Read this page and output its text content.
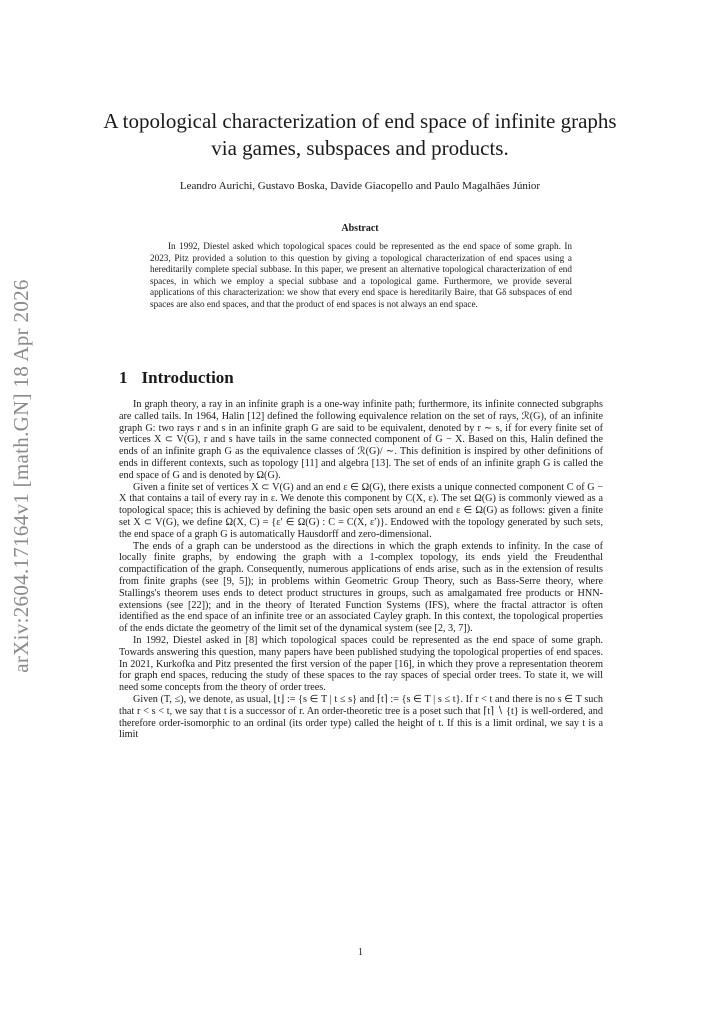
arXiv:2604.17164v1 [math.GN] 18 Apr 2026
A topological characterization of end space of infinite graphs via games, subspaces and products.
Leandro Aurichi, Gustavo Boska, Davide Giacopello and Paulo Magalhães Júnior
Abstract
In 1992, Diestel asked which topological spaces could be represented as the end space of some graph. In 2023, Pitz provided a solution to this question by giving a topological characterization of end spaces using a hereditarily complete special subbase. In this paper, we present an alternative topological characterization of end spaces, in which we employ a special subbase and a topological game. Furthermore, we provide several applications of this characterization: we show that every end space is hereditarily Baire, that Gδ subspaces of end spaces are also end spaces, and that the product of end spaces is not always an end space.
1 Introduction

In graph theory, a ray in an infinite graph is a one-way infinite path; furthermore, its infinite connected subgraphs are called tails. In 1964, Halin [12] defined the following equivalence relation on the set of rays, ℛ(G), of an infinite graph G: two rays r and s in an infinite graph G are said to be equivalent, denoted by r ∼ s, if for every finite set of vertices X ⊂ V(G), r and s have tails in the same connected component of G − X. Based on this, Halin defined the ends of an infinite graph G as the equivalence classes of ℛ(G)/ ∼. This definition is inspired by other definitions of ends in different contexts, such as topology [11] and algebra [13]. The set of ends of an infinite graph G is called the end space of G and is denoted by Ω(G).

Given a finite set of vertices X ⊂ V(G) and an end ε ∈ Ω(G), there exists a unique connected component C of G − X that contains a tail of every ray in ε. We denote this component by C(X, ε). The set Ω(G) is commonly viewed as a topological space; this is achieved by defining the basic open sets around an end ε ∈ Ω(G) as follows: given a finite set X ⊂ V(G), we define Ω(X, C) = {ε′ ∈ Ω(G) : C = C(X, ε′)}. Endowed with the topology generated by such sets, the end space of a graph G is automatically Hausdorff and zero-dimensional.

The ends of a graph can be understood as the directions in which the graph extends to infinity. In the case of locally finite graphs, by endowing the graph with a 1-complex topology, its ends yield the Freudenthal compactification of the graph. Consequently, numerous applications of ends arise, such as in the extension of results from finite graphs (see [9, 5]); in problems within Geometric Group Theory, such as Bass-Serre theory, where Stallings's theorem uses ends to detect product structures in groups, such as amalgamated free products or HNN-extensions (see [22]); and in the theory of Iterated Function Systems (IFS), where the fractal attractor is often identified as the end space of an infinite tree or an associated Cayley graph. In this context, the topological properties of the ends dictate the geometry of the limit set of the dynamical system (see [2, 3, 7]).

In 1992, Diestel asked in [8] which topological spaces could be represented as the end space of some graph. Towards answering this question, many papers have been published studying the topological properties of end spaces. In 2021, Kurkofka and Pitz presented the first version of the paper [16], in which they prove a representation theorem for graph end spaces, reducing the study of these spaces to the ray spaces of special order trees. To state it, we will need some concepts from the theory of order trees.

Given (T, ≤), we denote, as usual, ⌊t⌋ := {s ∈ T | t ≤ s} and ⌈t⌉ := {s ∈ T | s ≤ t}. If r < t and there is no s ∈ T such that r < s < t, we say that t is a successor of r. An order-theoretic tree is a poset such that ⌈t⌉ ∖ {t} is well-ordered, and therefore order-isomorphic to an ordinal (its order type) called the height of t. If this is a limit ordinal, we say t is a limit

1
